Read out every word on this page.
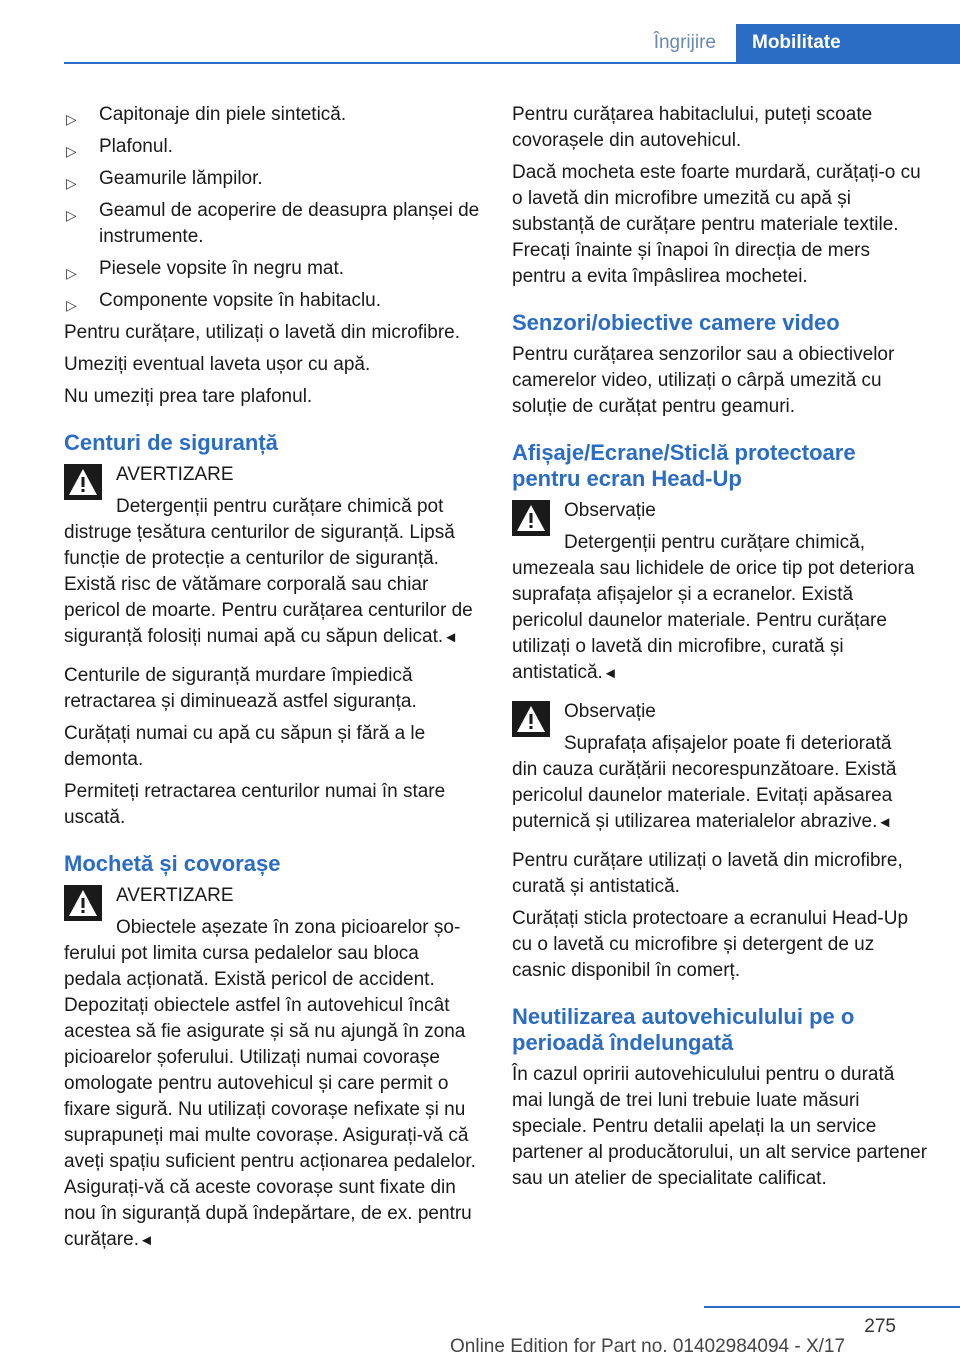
Îngrijire	Mobilitate
▷ Capitonaje din piele sintetică.
▷ Plafonul.
▷ Geamurile lămpilor.
▷ Geamul de acoperire de deasupra planșei de instrumente.
▷ Piesele vopsite în negru mat.
▷ Componente vopsite în habitaclu.

Pentru curățare, utilizați o lavetă din microfibre.

Umeziți eventual laveta ușor cu apă.

Nu umeziți prea tare plafonul.

Centuri de siguranță
AVERTIZARE
Detergenții pentru curățare chimică pot
distruge țesătura centurilor de siguranță. Lipsă funcție de protecție a centurilor de siguranță. Există risc de vătămare corporală sau chiar pericol de moarte. Pentru curățarea centurilor de siguranță folosiți numai apă cu săpun delicat.◄

Centurile de siguranță murdare împiedică retractarea și diminuează astfel siguranța.

Curățați numai cu apă cu săpun și fără a le demonta.

Permiteți retractarea centurilor numai în stare uscată.

Mochetă și covorașe
AVERTIZARE
Obiectele așezate în zona picioarelor șo-
ferului pot limita cursa pedalelor sau bloca pedala acționată. Există pericol de accident. Depozitați obiectele astfel în autovehicul încât acestea să fie asigurate și să nu ajungă în zona picioarelor șoferului. Utilizați numai covorașe omologate pentru autovehicul și care permit o fixare sigură. Nu utilizați covorașe nefixate și nu suprapuneți mai multe covorașe. Asigurați-vă că aveți spațiu suficient pentru acționarea pedalelor. Asigurați-vă că aceste covorașe sunt fixate din nou în siguranță după îndepărtare, de ex. pentru curățare.◄

Pentru curățarea habitaclului, puteți scoate covorașele din autovehicul.

Dacă mocheta este foarte murdară, curățați-o cu o lavetă din microfibre umezită cu apă și substanță de curățare pentru materiale textile. Frecați înainte și înapoi în direcția de mers pentru a evita împâslirea mochetei.

Senzori/obiective camere video

Pentru curățarea senzorilor sau a obiectivelor camerelor video, utilizați o cârpă umezită cu soluție de curățat pentru geamuri.

Afișaje/Ecrane/Sticlă protectoare pentru ecran Head-Up
Observație
Detergenții pentru curățare chimică,
umezeala sau lichidele de orice tip pot deteriora suprafața afișajelor și a ecranelor. Există pericolul daunelor materiale. Pentru curățare utilizați o lavetă din microfibre, curată și antistatică.◄
Observație
Suprafața afișajelor poate fi deteriorată
din cauza curățării necorespunzătoare. Există pericolul daunelor materiale. Evitați apăsarea puternică și utilizarea materialelor abrazive.◄

Pentru curățare utilizați o lavetă din microfibre, curată și antistatică.

Curățați sticla protectoare a ecranului Head-Up cu o lavetă cu microfibre și detergent de uz casnic disponibil în comerț.

Neutilizarea autovehiculului pe o perioadă îndelungată

În cazul opririi autovehiculului pentru o durată mai lungă de trei luni trebuie luate măsuri speciale. Pentru detalii apelați la un service partener al producătorului, un alt service partener sau un atelier de specialitate calificat.

275
Online Edition for Part no. 01402984094 - X/17
